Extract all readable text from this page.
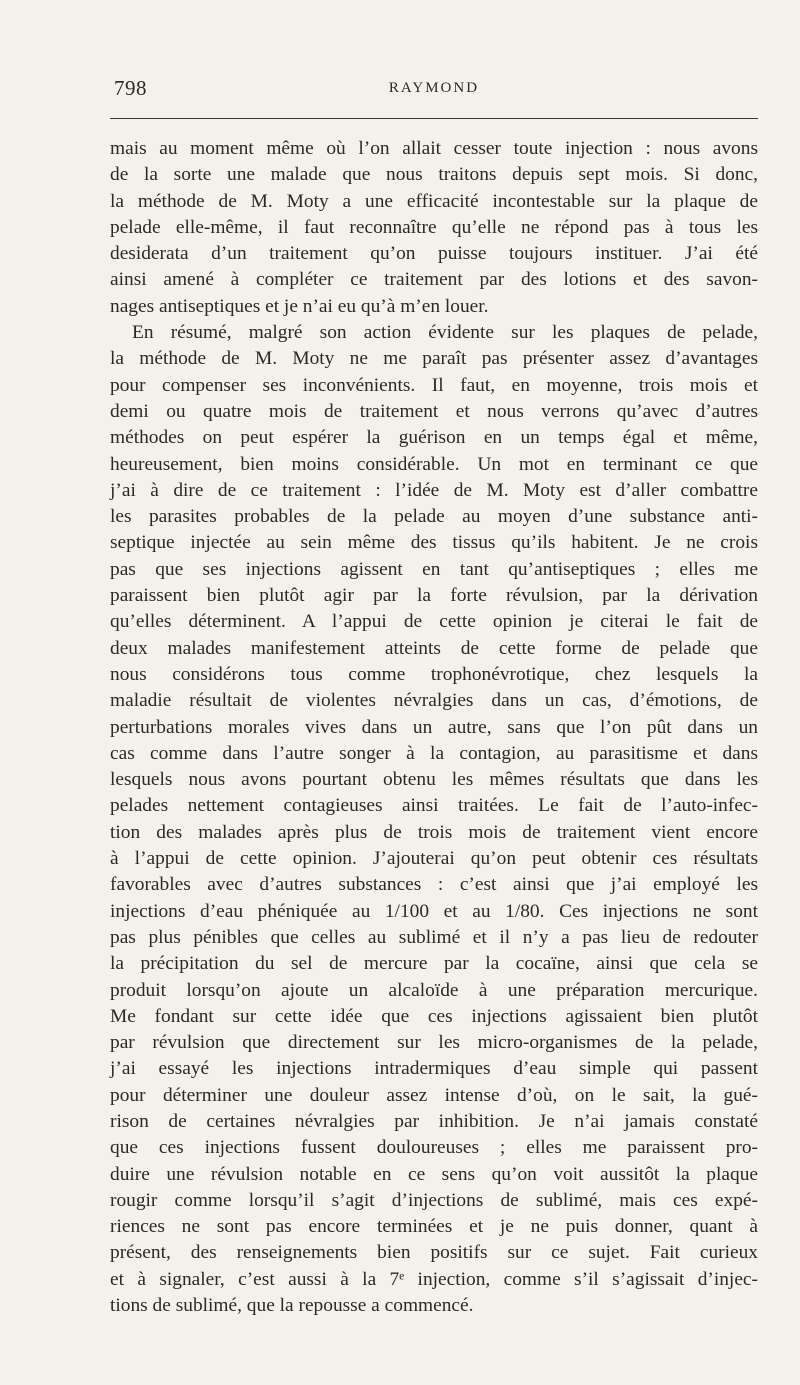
798	RAYMOND
mais au moment même où l’on allait cesser toute injection : nous avons
de la sorte une malade que nous traitons depuis sept mois. Si donc,
la méthode de M. Moty a une efficacité incontestable sur la plaque de
pelade elle-même, il faut reconnaître qu’elle ne répond pas à tous les
desiderata d’un traitement qu’on puisse toujours instituer. J’ai été
ainsi amené à compléter ce traitement par des lotions et des savon-
nages antiseptiques et je n’ai eu qu’à m’en louer.
En résumé, malgré son action évidente sur les plaques de pelade,
la méthode de M. Moty ne me paraît pas présenter assez d’avantages
pour compenser ses inconvénients. Il faut, en moyenne, trois mois et
demi ou quatre mois de traitement et nous verrons qu’avec d’autres
méthodes on peut espérer la guérison en un temps égal et même,
heureusement, bien moins considérable. Un mot en terminant ce que
j’ai à dire de ce traitement : l’idée de M. Moty est d’aller combattre
les parasites probables de la pelade au moyen d’une substance anti-
septique injectée au sein même des tissus qu’ils habitent. Je ne crois
pas que ses injections agissent en tant qu’antiseptiques ; elles me
paraissent bien plutôt agir par la forte révulsion, par la dérivation
qu’elles déterminent. A l’appui de cette opinion je citerai le fait de
deux malades manifestement atteints de cette forme de pelade que
nous considérons tous comme trophonévrotique, chez lesquels la
maladie résultait de violentes névralgies dans un cas, d’émotions, de
perturbations morales vives dans un autre, sans que l’on pût dans un
cas comme dans l’autre songer à la contagion, au parasitisme et dans
lesquels nous avons pourtant obtenu les mêmes résultats que dans les
pelades nettement contagieuses ainsi traitées. Le fait de l’auto-infec-
tion des malades après plus de trois mois de traitement vient encore
à l’appui de cette opinion. J’ajouterai qu’on peut obtenir ces résultats
favorables avec d’autres substances : c’est ainsi que j’ai employé les
injections d’eau phéniquée au 1/100 et au 1/80. Ces injections ne sont
pas plus pénibles que celles au sublimé et il n’y a pas lieu de redouter
la précipitation du sel de mercure par la cocaïne, ainsi que cela se
produit lorsqu’on ajoute un alcaloïde à une préparation mercurique.
Me fondant sur cette idée que ces injections agissaient bien plutôt
par révulsion que directement sur les micro-organismes de la pelade,
j’ai essayé les injections intradermiques d’eau simple qui passent
pour déterminer une douleur assez intense d’où, on le sait, la gué-
rison de certaines névralgies par inhibition. Je n’ai jamais constaté
que ces injections fussent douloureuses ; elles me paraissent pro-
duire une révulsion notable en ce sens qu’on voit aussitôt la plaque
rougir comme lorsqu’il s’agit d’injections de sublimé, mais ces expé-
riences ne sont pas encore terminées et je ne puis donner, quant à
présent, des renseignements bien positifs sur ce sujet. Fait curieux
et à signaler, c’est aussi à la 7ᵉ injection, comme s’il s’agissait d’injec-
tions de sublimé, que la repousse a commencé.
